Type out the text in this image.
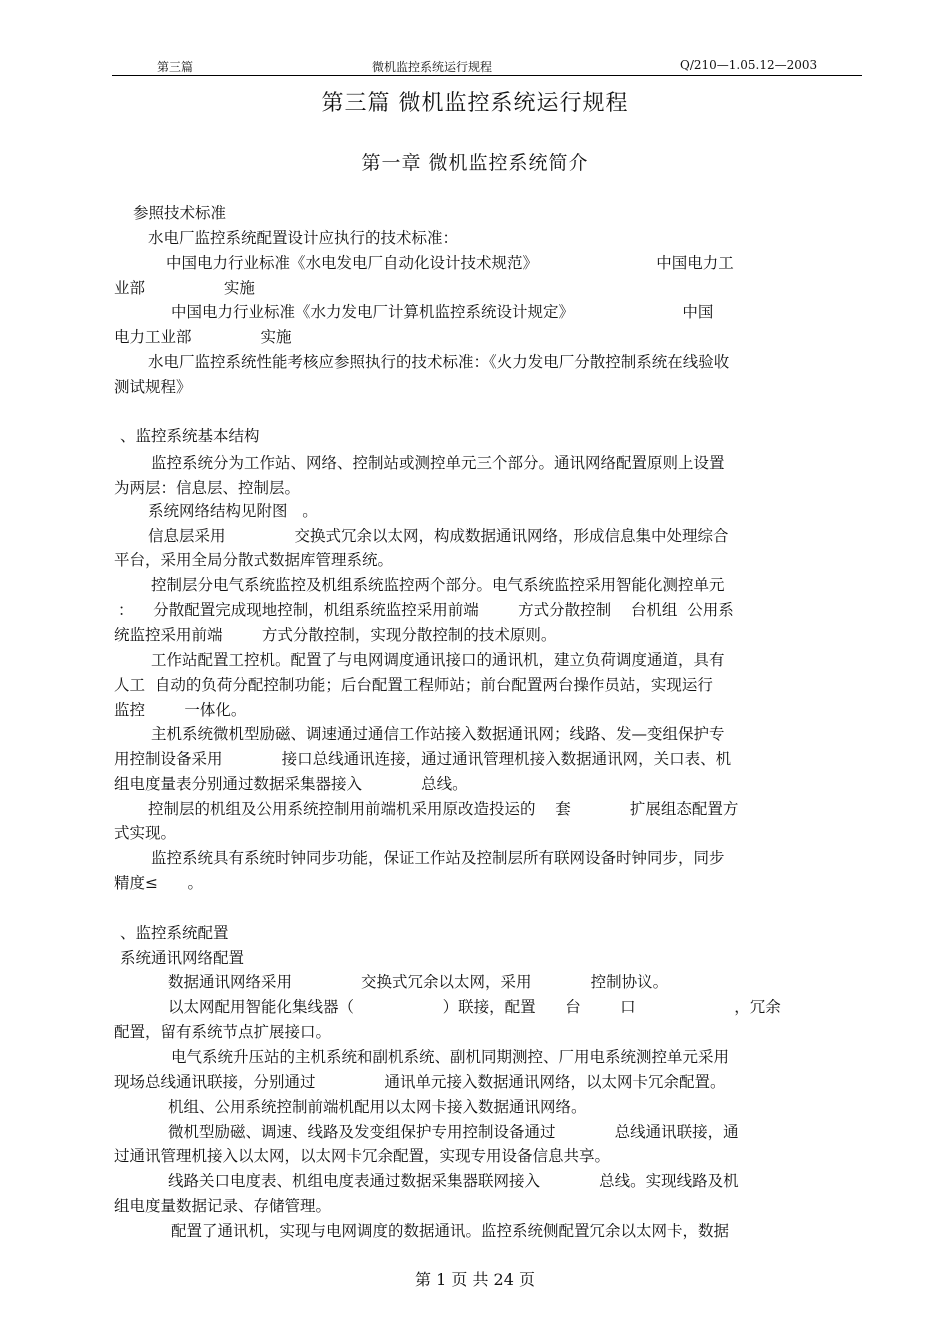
第三篇	微机监控系统运行规程	Q/210—1.05.12—2003
第三篇 微机监控系统运行规程
第一章 微机监控系统简介
参照技术标准
水电厂监控系统配置设计应执行的技术标准：
中国电力行业标准《水电发电厂自动化设计技术规范》                        中国电力工
业部                实施
中国电力行业标准《水力发电厂计算机监控系统设计规定》                      中国
电力工业部              实施
水电厂监控系统性能考核应参照执行的技术标准：《火力发电厂分散控制系统在线验收
测试规程》
、监控系统基本结构
监控系统分为工作站、网络、控制站或测控单元三个部分。通讯网络配置原则上设置
为两层：信息层、控制层。
系统网络结构见附图   。
信息层采用              交换式冗余以太网，构成数据通讯网络，形成信息集中处理综合
平台，采用全局分散式数据库管理系统。
控制层分电气系统监控及机组系统监控两个部分。电气系统监控采用智能化测控单元
：    分散配置完成现地控制，机组系统监控采用前端        方式分散控制    台机组  公用系
统监控采用前端        方式分散控制，实现分散控制的技术原则。
工作站配置工控机。配置了与电网调度通讯接口的通讯机，建立负荷调度通道，具有
人工  自动的负荷分配控制功能；后台配置工程师站；前台配置两台操作员站，实现运行
监控        一体化。
主机系统微机型励磁、调速通过通信工作站接入数据通讯网；线路、发—变组保护专
用控制设备采用            接口总线通讯连接，通过通讯管理机接入数据通讯网，关口表、机
组电度量表分别通过数据采集器接入            总线。
控制层的机组及公用系统控制用前端机采用原改造投运的    套            扩展组态配置方
式实现。
监控系统具有系统时钟同步功能，保证工作站及控制层所有联网设备时钟同步，同步
精度≤      。
、监控系统配置
系统通讯网络配置
数据通讯网络采用              交换式冗余以太网，采用            控制协议。
以太网配用智能化集线器（                  ）联接，配置      台        口                    ，冗余
配置，留有系统节点扩展接口。
电气系统升压站的主机系统和副机系统、副机同期测控、厂用电系统测控单元采用
现场总线通讯联接，分别通过              通讯单元接入数据通讯网络，以太网卡冗余配置。
机组、公用系统控制前端机配用以太网卡接入数据通讯网络。
微机型励磁、调速、线路及发变组保护专用控制设备通过            总线通讯联接，通
过通讯管理机接入以太网，以太网卡冗余配置，实现专用设备信息共享。
线路关口电度表、机组电度表通过数据采集器联网接入            总线。实现线路及机
组电度量数据记录、存储管理。
配置了通讯机，实现与电网调度的数据通讯。监控系统侧配置冗余以太网卡，数据
第 1 页 共 24 页
